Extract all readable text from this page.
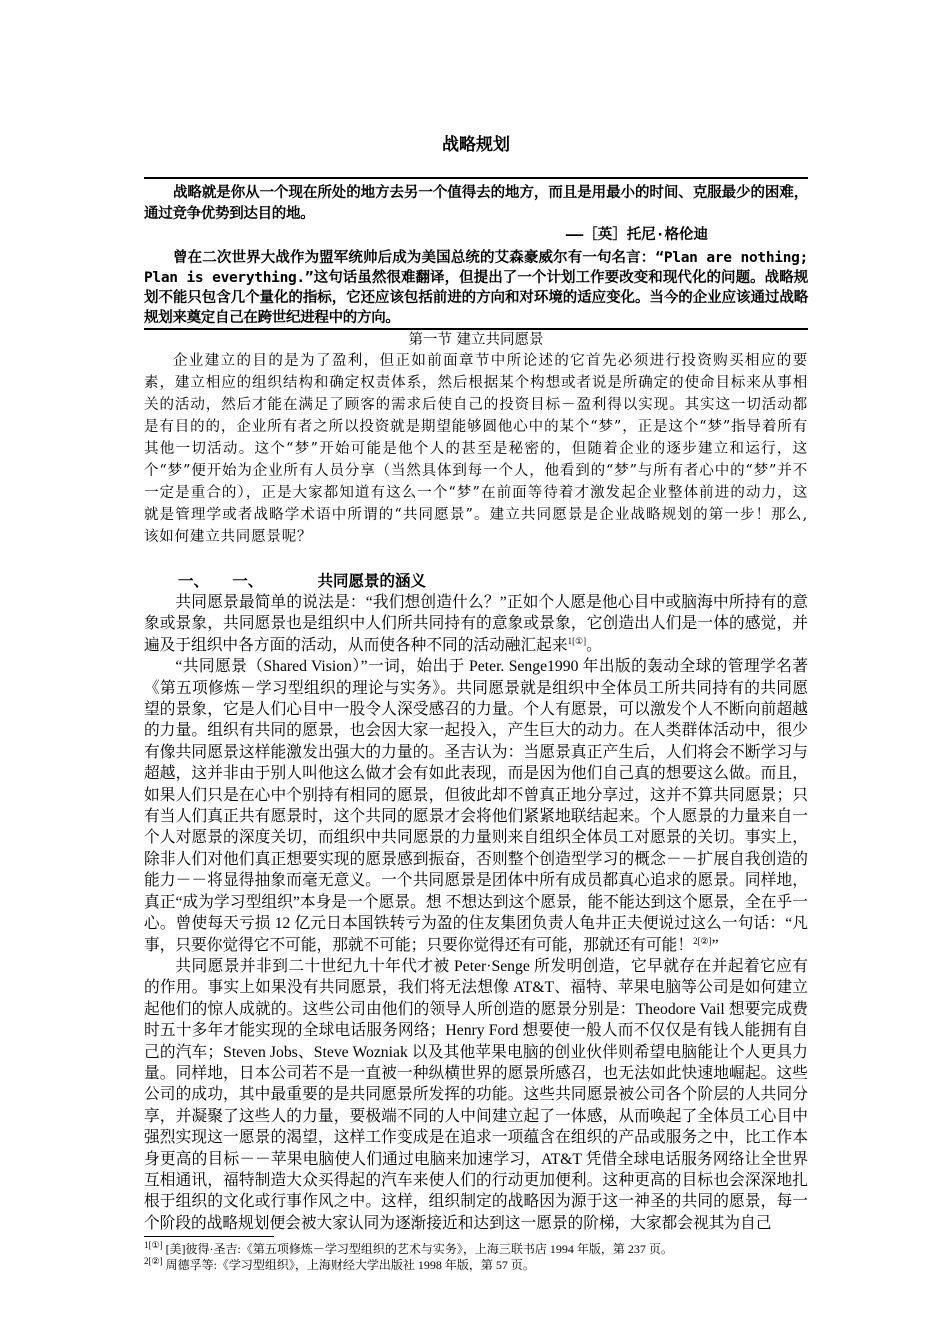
战略规划

战略就是你从一个现在所处的地方去另一个值得去的地方，而且是用最小的时间、克服最少的困难，通过竞争优势到达目的地。

——［英］托尼·格伦迪

曾在二次世界大战作为盟军统帅后成为美国总统的艾森豪威尔有一句名言：“Plan are nothing; Plan is everything.”这句话虽然很难翻译，但提出了一个计划工作要改变和现代化的问题。战略规划不能只包含几个量化的指标，它还应该包括前进的方向和对环境的适应变化。当今的企业应该通过战略规划来奠定自己在跨世纪进程中的方向。

第一节 建立共同愿景

企业建立的目的是为了盈利，但正如前面章节中所论述的它首先必须进行投资购买相应的要素，建立相应的组织结构和确定权责体系，然后根据某个构想或者说是所确定的使命目标来从事相关的活动，然后才能在满足了顾客的需求后使自己的投资目标－盈利得以实现。其实这一切活动都是有目的的，企业所有者之所以投资就是期望能够圆他心中的某个“梦”，正是这个“梦”指导着所有其他一切活动。这个“梦”开始可能是他个人的甚至是秘密的，但随着企业的逐步建立和运行，这个“梦”便开始为企业所有人员分享（当然具体到每一个人，他看到的“梦”与所有者心中的“梦”并不一定是重合的），正是大家都知道有这么一个“梦”在前面等待着才激发起企业整体前进的动力，这就是管理学或者战略学术语中所谓的“共同愿景”。建立共同愿景是企业战略规划的第一步！那么,该如何建立共同愿景呢？

一、 一、	共同愿景的涵义

共同愿景最简单的说法是：“我们想创造什么？”正如个人愿是他心目中或脑海中所持有的意象或景象，共同愿景也是组织中人们所共同持有的意象或景象，它创造出人们是一体的感觉，并遍及于组织中各方面的活动，从而使各种不同的活动融汇起来$^{1[①]}$。

“共同愿景（Shared Vision）”一词，始出于 Peter. Senge1990 年出版的轰动全球的管理学名著《第五项修炼－学习型组织的理论与实务》。共同愿景就是组织中全体员工所共同持有的共同愿望的景象，它是人们心目中一股令人深受感召的力量。个人有愿景，可以激发个人不断向前超越的力量。组织有共同的愿景，也会因大家一起投入，产生巨大的动力。在人类群体活动中，很少有像共同愿景这样能激发出强大的力量的。圣吉认为：当愿景真正产生后，人们将会不断学习与超越，这并非由于别人叫他这么做才会有如此表现，而是因为他们自己真的想要这么做。而且，如果人们只是在心中个别持有相同的愿景，但彼此却不曾真正地分享过，这并不算共同愿景；只有当人们真正共有愿景时，这个共同的愿景才会将他们紧紧地联结起来。个人愿景的力量来自一个人对愿景的深度关切，而组织中共同愿景的力量则来自组织全体员工对愿景的关切。事实上，除非人们对他们真正想要实现的愿景感到振奋，否则整个创造型学习的概念－－扩展自我创造的能力－－将显得抽象而毫无意义。一个共同愿景是团体中所有成员都真心追求的愿景。同样地，真正“成为学习型组织”本身是一个愿景。想 不想达到这个愿景，能不能达到这个愿景，全在乎一心。曾使每天亏损 12 亿元日本国铁转亏为盈的住友集团负责人龟井正夫便说过这么一句话：“凡事，只要你觉得它不可能，那就不可能；只要你觉得还有可能，那就还有可能！$^{2[②]}$”

共同愿景并非到二十世纪九十年代才被 Peter·Senge 所发明创造，它早就存在并起着它应有的作用。事实上如果没有共同愿景，我们将无法想像 AT&T、福特、苹果电脑等公司是如何建立起他们的惊人成就的。这些公司由他们的领导人所创造的愿景分别是：Theodore Vail 想要完成费时五十多年才能实现的全球电话服务网络；Henry Ford 想要使一般人而不仅仅是有钱人能拥有自己的汽车；Steven Jobs、Steve Wozniak 以及其他苹果电脑的创业伙伴则希望电脑能让个人更具力量。同样地，日本公司若不是一直被一种纵横世界的愿景所感召，也无法如此快速地崛起。这些公司的成功，其中最重要的是共同愿景所发挥的功能。这些共同愿景被公司各个阶层的人共同分享，并凝聚了这些人的力量，要极端不同的人中间建立起了一体感，从而唤起了全体员工心目中强烈实现这一愿景的渴望，这样工作变成是在追求一项蕴含在组织的产品或服务之中，比工作本身更高的目标－－苹果电脑使人们通过电脑来加速学习，AT&T 凭借全球电话服务网络让全世界互相通讯，福特制造大众买得起的汽车来使人们的行动更加便利。这种更高的目标也会深深地扎根于组织的文化或行事作风之中。这样，组织制定的战略因为源于这一神圣的共同的愿景，每一个阶段的战略规划便会被大家认同为逐渐接近和达到这一愿景的阶梯，大家都会视其为自己

$^{1[①]}$ [美]彼得·圣吉:《第五项修炼－学习型组织的艺术与实务》，上海三联书店 1994 年版，第 237 页。

$^{2[②]}$ 周德孚等:《学习型组织》，上海财经大学出版社 1998 年版，第 57 页。
